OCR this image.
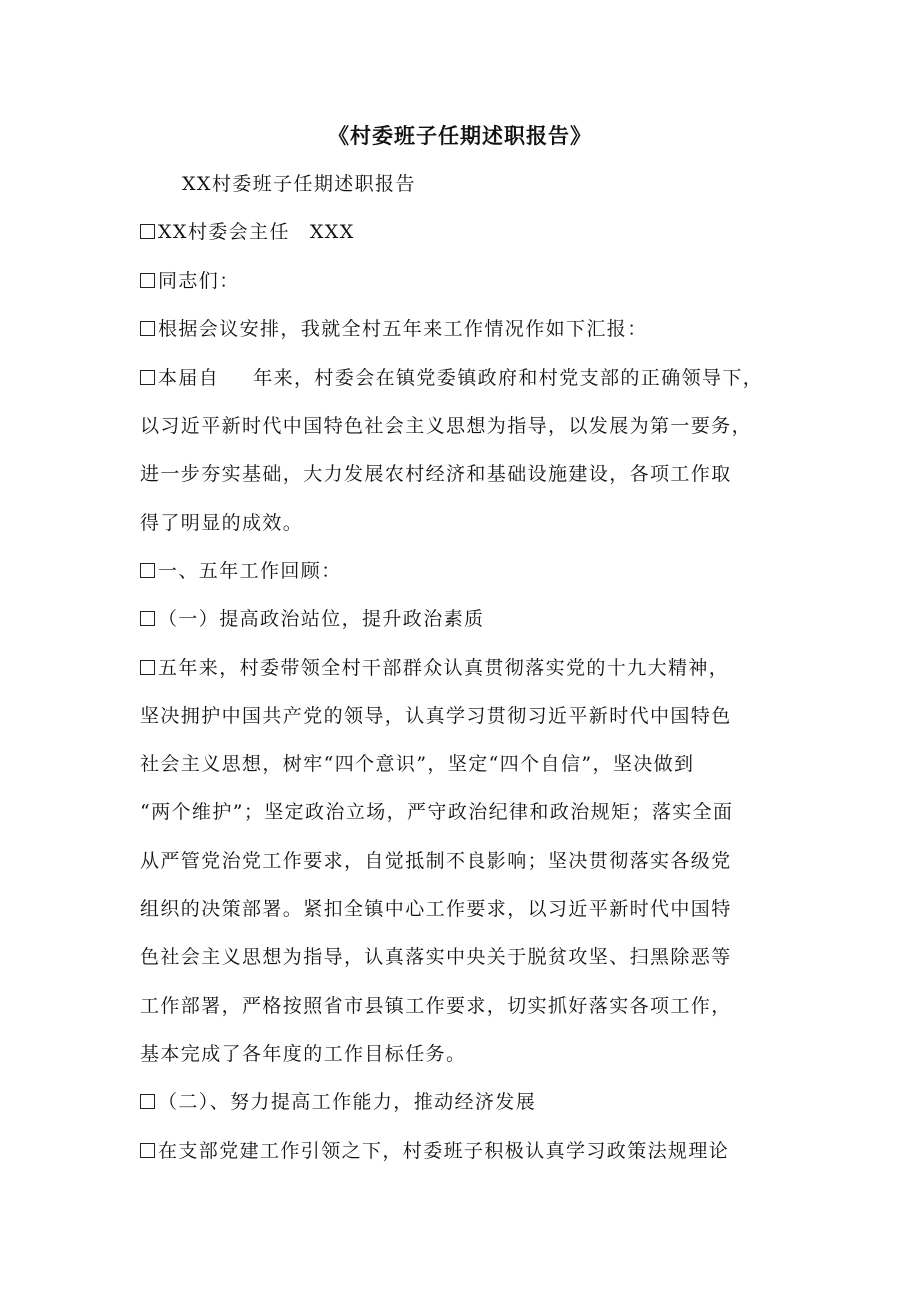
《村委班子任期述职报告》
XX村委班子任期述职报告
XX村委会主任 XXX
同志们：
根据会议安排，我就全村五年来工作情况作如下汇报：
本届自 年来，村委会在镇党委镇政府和村党支部的正确领导下，
以习近平新时代中国特色社会主义思想为指导，以发展为第一要务，
进一步夯实基础，大力发展农村经济和基础设施建设，各项工作取
得了明显的成效。
一、五年工作回顾：
（一）提高政治站位，提升政治素质
五年来，村委带领全村干部群众认真贯彻落实党的十九大精神，
坚决拥护中国共产党的领导，认真学习贯彻习近平新时代中国特色
社会主义思想，树牢“四个意识”，坚定“四个自信”，坚决做到
“两个维护”；坚定政治立场，严守政治纪律和政治规矩；落实全面
从严管党治党工作要求，自觉抵制不良影响；坚决贯彻落实各级党
组织的决策部署。紧扣全镇中心工作要求，以习近平新时代中国特
色社会主义思想为指导，认真落实中央关于脱贫攻坚、扫黑除恶等
工作部署，严格按照省市县镇工作要求，切实抓好落实各项工作，
基本完成了各年度的工作目标任务。
（二）、努力提高工作能力，推动经济发展
在支部党建工作引领之下，村委班子积极认真学习政策法规理论
